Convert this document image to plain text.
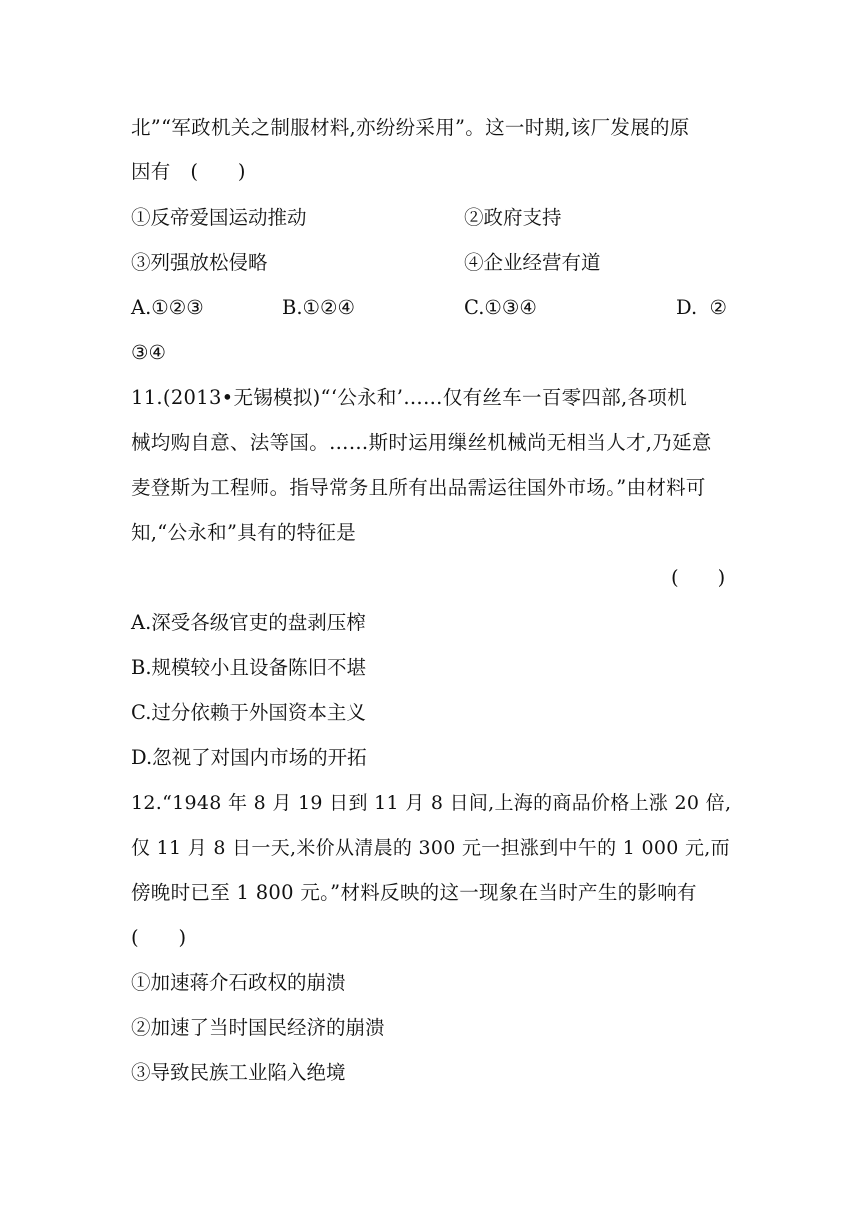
北”“军政机关之制服材料,亦纷纷采用”。这一时期,该厂发展的原
因有　(　　)
①反帝爱国运动推动	②政府支持
③列强放松侵略	④企业经营有道
A.①②③	B.①②④	C.①③④	D.  ②
③④
11.(2013•无锡模拟)“‘公永和’……仅有丝车一百零四部,各项机
械均购自意、法等国。……斯时运用缫丝机械尚无相当人才,乃延意
麦登斯为工程师。指导常务且所有出品需运往国外市场。”由材料可
知,“公永和”具有的特征是
(　　)
A.深受各级官吏的盘剥压榨
B.规模较小且设备陈旧不堪
C.过分依赖于外国资本主义
D.忽视了对国内市场的开拓
12.“1948 年 8 月 19 日到 11 月 8 日间,上海的商品价格上涨 20 倍,
仅 11 月 8 日一天,米价从清晨的 300 元一担涨到中午的 1 000 元,而
傍晚时已至 1 800 元。”材料反映的这一现象在当时产生的影响有
(　　)
①加速蒋介石政权的崩溃
②加速了当时国民经济的崩溃
③导致民族工业陷入绝境
